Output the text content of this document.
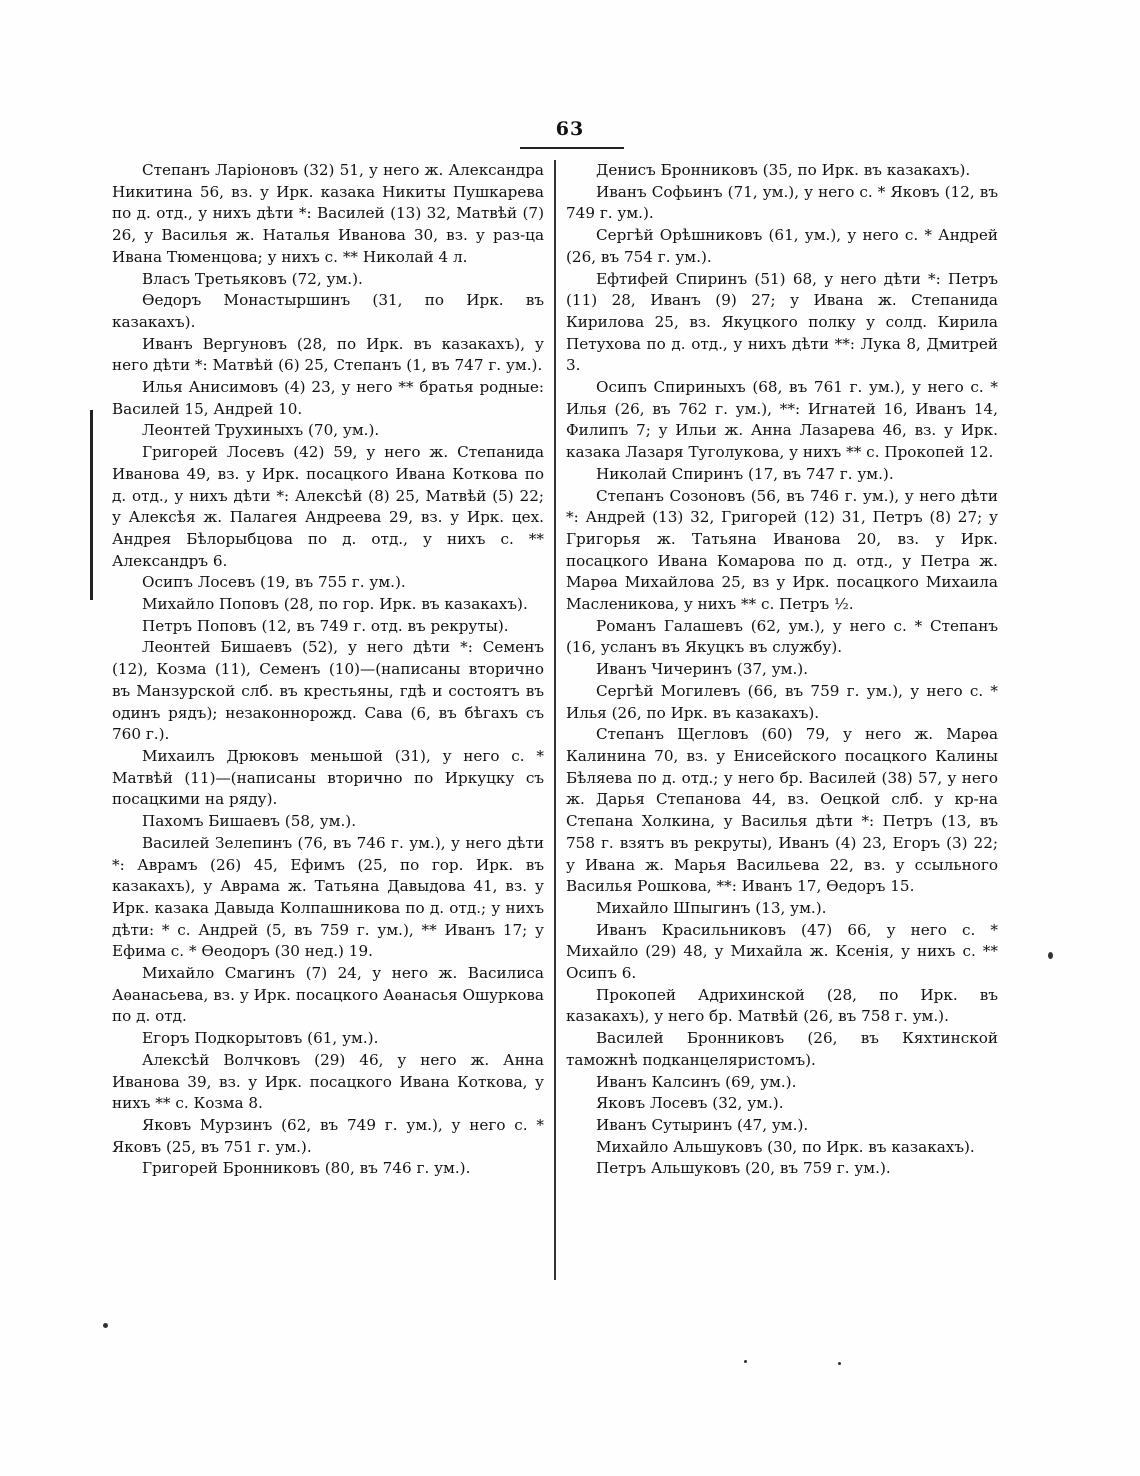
63

Степанъ Ларіоновъ (32) 51, у него ж. Александра Никитина 56, вз. у Ирк. казака Никиты Пушкарева по д. отд., у нихъ дѣти *: Василей (13) 32, Матвѣй (7) 26, у Василья ж. Наталья Иванова 30, вз. у раз-ца Ивана Тюменцова; у нихъ с. ** Николай 4 л.

Власъ Третьяковъ (72, ум.).

Ѳедоръ Монастыршинъ (31, по Ирк. въ казакахъ).

Иванъ Вергуновъ (28, по Ирк. въ казакахъ), у него дѣти *: Матвѣй (6) 25, Степанъ (1, въ 747 г. ум.).

Илья Анисимовъ (4) 23, у него ** братья родные: Василей 15, Андрей 10.

Леонтей Трухиныхъ (70, ум.).

Григорей Лосевъ (42) 59, у него ж. Степанида Иванова 49, вз. у Ирк. посацкого Ивана Коткова по д. отд., у нихъ дѣти *: Алексѣй (8) 25, Матвѣй (5) 22; у Алексѣя ж. Палагея Андреева 29, вз. у Ирк. цех. Андрея Бѣлорыбцова по д. отд., у нихъ с. ** Александръ 6.

Осипъ Лосевъ (19, въ 755 г. ум.).

Михайло Поповъ (28, по гор. Ирк. въ казакахъ).

Петръ Поповъ (12, въ 749 г. отд. въ рекруты).

Леонтей Бишаевъ (52), у него дѣти *: Семенъ (12), Козма (11), Семенъ (10)—(написаны вторично въ Манзурской слб. въ крестьяны, гдѣ и состоятъ въ одинъ рядъ); незаконнорожд. Сава (6, въ бѣгахъ съ 760 г.).

Михаилъ Дрюковъ меньшой (31), у него с. * Матвѣй (11)—(написаны вторично по Иркуцку съ посацкими на ряду).

Пахомъ Бишаевъ (58, ум.).

Василей Зелепинъ (76, въ 746 г. ум.), у него дѣти *: Аврамъ (26) 45, Ефимъ (25, по гор. Ирк. въ казакахъ), у Аврама ж. Татьяна Давыдова 41, вз. у Ирк. казака Давыда Колпашникова по д. отд.; у нихъ дѣти: * с. Андрей (5, въ 759 г. ум.), ** Иванъ 17; у Ефима с. * Ѳеодоръ (30 нед.) 19.

Михайло Смагинъ (7) 24, у него ж. Василиса Аѳанасьева, вз. у Ирк. посацкого Аѳанасья Ошуркова по д. отд.

Егоръ Подкорытовъ (61, ум.).

Алексѣй Волчковъ (29) 46, у него ж. Анна Иванова 39, вз. у Ирк. посацкого Ивана Коткова, у нихъ ** с. Козма 8.

Яковъ Мурзинъ (62, въ 749 г. ум.), у него с. * Яковъ (25, въ 751 г. ум.).

Григорей Бронниковъ (80, въ 746 г. ум.).

Денисъ Бронниковъ (35, по Ирк. въ казакахъ).

Иванъ Софьинъ (71, ум.), у него с. * Яковъ (12, въ 749 г. ум.).

Сергѣй Орѣшниковъ (61, ум.), у него с. * Андрей (26, въ 754 г. ум.).

Ефтифей Спиринъ (51) 68, у него дѣти *: Петръ (11) 28, Иванъ (9) 27; у Ивана ж. Степанида Кирилова 25, вз. Якуцкого полку у солд. Кирила Петухова по д. отд., у нихъ дѣти **: Лука 8, Дмитрей 3.

Осипъ Спириныхъ (68, въ 761 г. ум.), у него с. * Илья (26, въ 762 г. ум.), **: Игнатей 16, Иванъ 14, Филипъ 7; у Ильи ж. Анна Лазарева 46, вз. у Ирк. казака Лазаря Туголукова, у нихъ ** с. Прокопей 12.

Николай Спиринъ (17, въ 747 г. ум.).

Степанъ Созоновъ (56, въ 746 г. ум.), у него дѣти *: Андрей (13) 32, Григорей (12) 31, Петръ (8) 27; у Григорья ж. Татьяна Иванова 20, вз. у Ирк. посацкого Ивана Комарова по д. отд., у Петра ж. Марѳа Михайлова 25, вз у Ирк. посацкого Михаила Масленикова, у нихъ ** с. Петръ ½.

Романъ Галашевъ (62, ум.), у него с. * Степанъ (16, усланъ въ Якуцкъ въ службу).

Иванъ Чичеринъ (37, ум.).

Сергѣй Могилевъ (66, въ 759 г. ум.), у него с. * Илья (26, по Ирк. въ казакахъ).

Степанъ Щегловъ (60) 79, у него ж. Марѳа Калинина 70, вз. у Енисейского посацкого Калины Бѣляева по д. отд.; у него бр. Василей (38) 57, у него ж. Дарья Степанова 44, вз. Оецкой слб. у кр-на Степана Холкина, у Василья дѣти *: Петръ (13, въ 758 г. взятъ въ рекруты), Иванъ (4) 23, Егоръ (3) 22; у Ивана ж. Марья Васильева 22, вз. у ссыльного Василья Рошкова, **: Иванъ 17, Ѳедоръ 15.

Михайло Шпыгинъ (13, ум.).

Иванъ Красильниковъ (47) 66, у него с. * Михайло (29) 48, у Михайла ж. Ксенія, у нихъ с. ** Осипъ 6.

Прокопей Адрихинской (28, по Ирк. въ казакахъ), у него бр. Матвѣй (26, въ 758 г. ум.).

Василей Бронниковъ (26, въ Кяхтинской таможнѣ подканцеляристомъ).

Иванъ Калсинъ (69, ум.).

Яковъ Лосевъ (32, ум.).

Иванъ Сутыринъ (47, ум.).

Михайло Альшуковъ (30, по Ирк. въ казакахъ).

Петръ Альшуковъ (20, въ 759 г. ум.).
